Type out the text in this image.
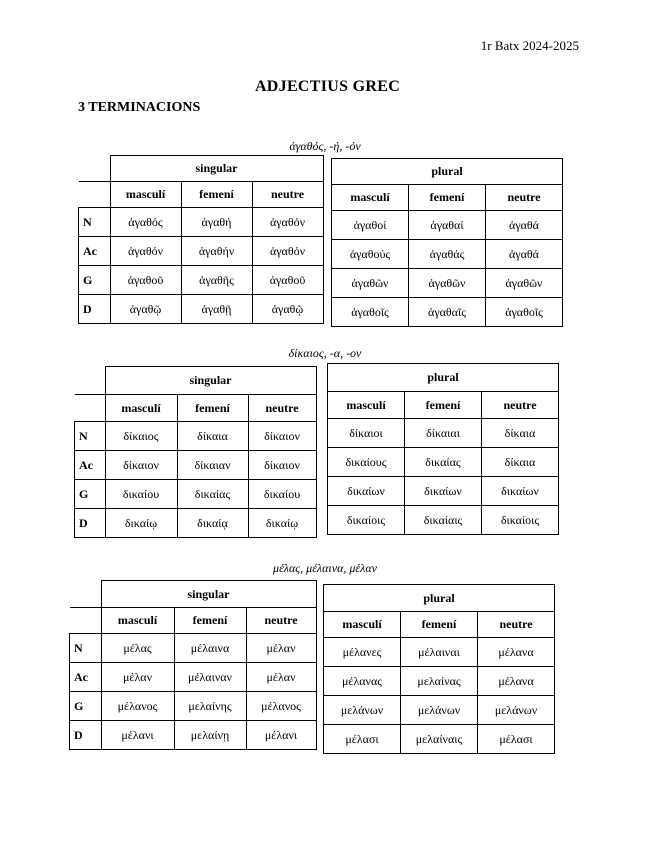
1r Batx 2024-2025
ADJECTIUS GREC
3 TERMINACIONS
ἀγαθός, -ή, -όν
	singular		
	masculí	femení	neutre
N	ἀγαθός	ἀγαθή	ἀγαθόν
Ac	ἀγαθόν	ἀγαθήν	ἀγαθόν
G	ἀγαθοῦ	ἀγαθῆς	ἀγαθοῦ
D	ἀγαθῷ	ἀγαθῇ	ἀγαθῷ
plural		
masculí	femení	neutre
ἀγαθοί	ἀγαθαί	ἀγαθά
ἀγαθούς	ἀγαθάς	ἀγαθά
ἀγαθῶν	ἀγαθῶν	ἀγαθῶν
ἀγαθοῖς	ἀγαθαῖς	ἀγαθοῖς
δίκαιος, -α, -ον
	singular		
	masculí	femení	neutre
N	δίκαιος	δίκαια	δίκαιον
Ac	δίκαιον	δίκαιαν	δίκαιον
G	δικαίου	δικαίας	δικαίου
D	δικαίῳ	δικαίᾳ	δικαίῳ
plural		
masculí	femení	neutre
δίκαιοι	δίκαιαι	δίκαια
δικαίους	δικαίας	δίκαια
δικαίων	δικαίων	δικαίων
δικαίοις	δικαίαις	δικαίοις
μέλας, μέλαινα, μέλαν
	singular		
	masculí	femení	neutre
N	μέλας	μέλαινα	μέλαν
Ac	μέλαν	μέλαιναν	μέλαν
G	μέλανος	μελαίνης	μέλανος
D	μέλανι	μελαίνῃ	μέλανι
plural		
masculí	femení	neutre
μέλανες	μέλαιναι	μέλανα
μέλανας	μελαίνας	μέλανα
μελάνων	μελάνων	μελάνων
μέλασι	μελαίναις	μέλασι
